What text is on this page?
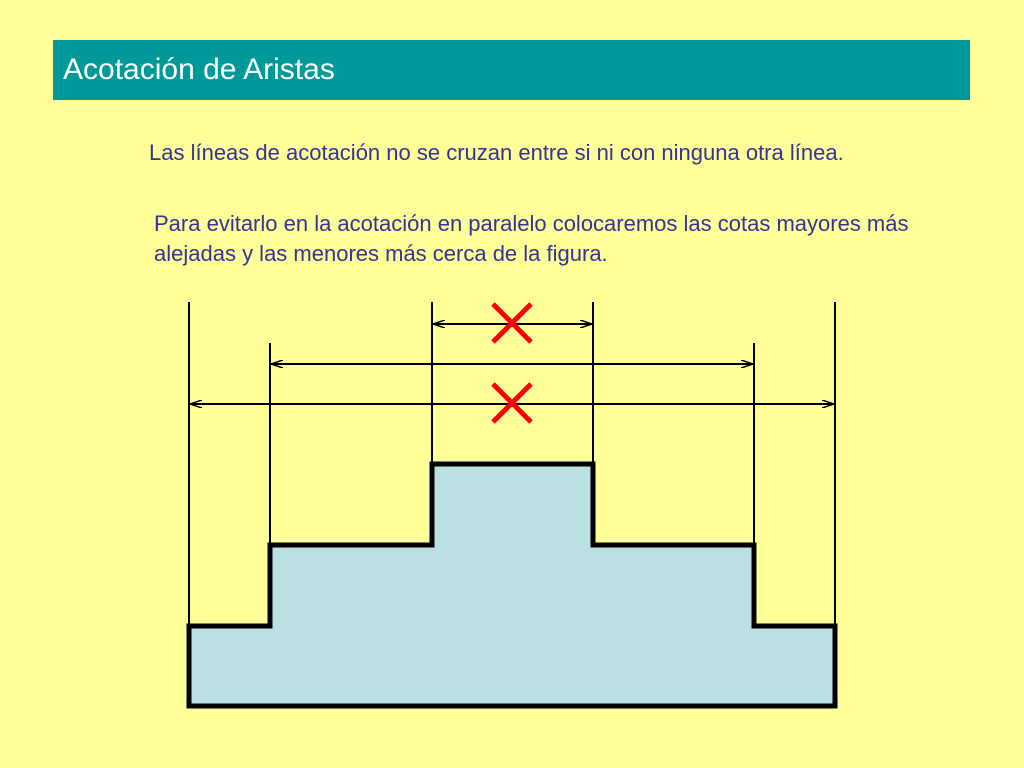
Acotación de Aristas

Las líneas de acotación no se cruzan entre si ni con ninguna otra línea.

Para evitarlo en la acotación en paralelo colocaremos las cotas mayores más alejadas y las menores más cerca de la figura.
